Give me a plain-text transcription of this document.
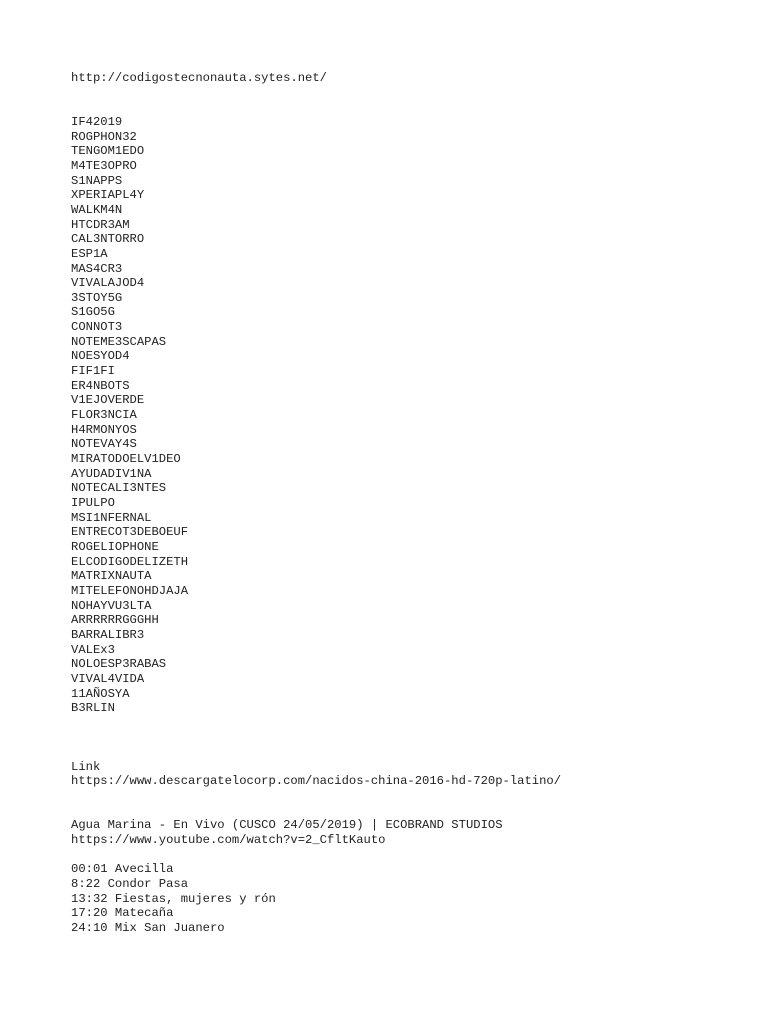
http://codigostecnonauta.sytes.net/
IF42019
ROGPHON32
TENGOM1EDO
M4TE3OPRO
S1NAPPS
XPERIAPL4Y
WALKM4N
HTCDR3AM
CAL3NTORRO
ESP1A
MAS4CR3
VIVALAJOD4
3STOY5G
S1GO5G
CONNOT3
NOTEME3SCAPAS
NOESYOD4
FIF1FI
ER4NBOTS
V1EJOVERDE
FLOR3NCIA
H4RMONYOS
NOTEVAY4S
MIRATODOELV1DEO
AYUDADIV1NA
NOTECALI3NTES
IPULPO
MSI1NFERNAL
ENTRECOT3DEBOEUF
ROGELIOPHONE
ELCODIGODELIZETH
MATRIXNAUTA
MITELEFONOHDJAJA
NOHAYVU3LTA
ARRRRRRGGGHH
BARRALIBR3
VALEx3
NOLOESP3RABAS
VIVAL4VIDA
11AÑOSYA
B3RLIN
Link
https://www.descargatelocorp.com/nacidos-china-2016-hd-720p-latino/
Agua Marina - En Vivo (CUSCO 24/05/2019) | ECOBRAND STUDIOS
https://www.youtube.com/watch?v=2_CfltKauto
00:01 Avecilla
8:22 Condor Pasa
13:32 Fiestas, mujeres y rón
17:20 Matecaña
24:10 Mix San Juanero
